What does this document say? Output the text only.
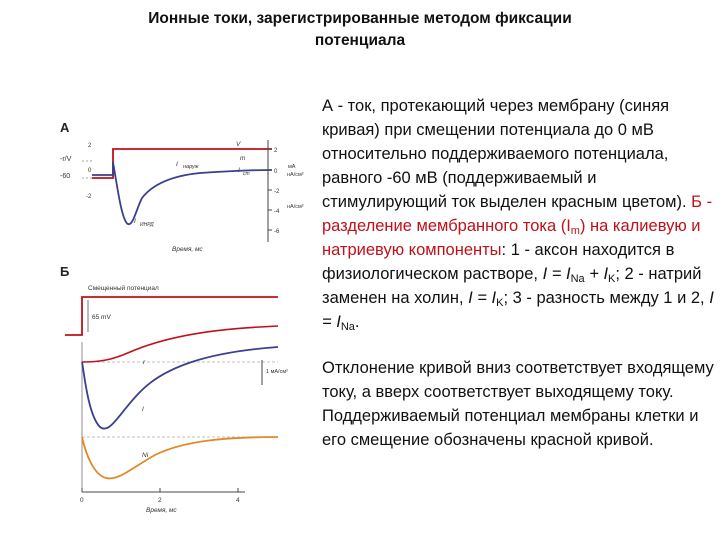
Ионные токи, зарегистрированные методом фиксации
потенциала
А
-r/V
-60
2
0
-2
V
m
I наруж	I ст
I ИНРД
2
0
-2
-4
-6
мА
нА/см²
нА/см²
Время, мс
Б
Смещенный потенциал
65 mV
r
I
Ni
1 мА/см²
0	2	4
Время, мс

А - ток, протекающий через мембрану (синяя кривая) при смещении потенциала до 0 мВ относительно поддерживаемого потенциала, равного -60 мВ (поддерживаемый и стимулирующий ток выделен красным цветом). Б - разделение мембранного тока $(I_m)$ на калиевую и натриевую компоненты: 1 - аксон находится в физиологическом растворе, $I = I_{Na} + I_K$; 2 - натрий заменен на холин, $I = I_K$; 3 - разность между 1 и 2, $I = I_{Na}$.

Отклонение кривой вниз соответствует входящему току, а вверх соответствует выходящему току. Поддерживаемый потенциал мембраны клетки и его смещение обозначены красной кривой.
